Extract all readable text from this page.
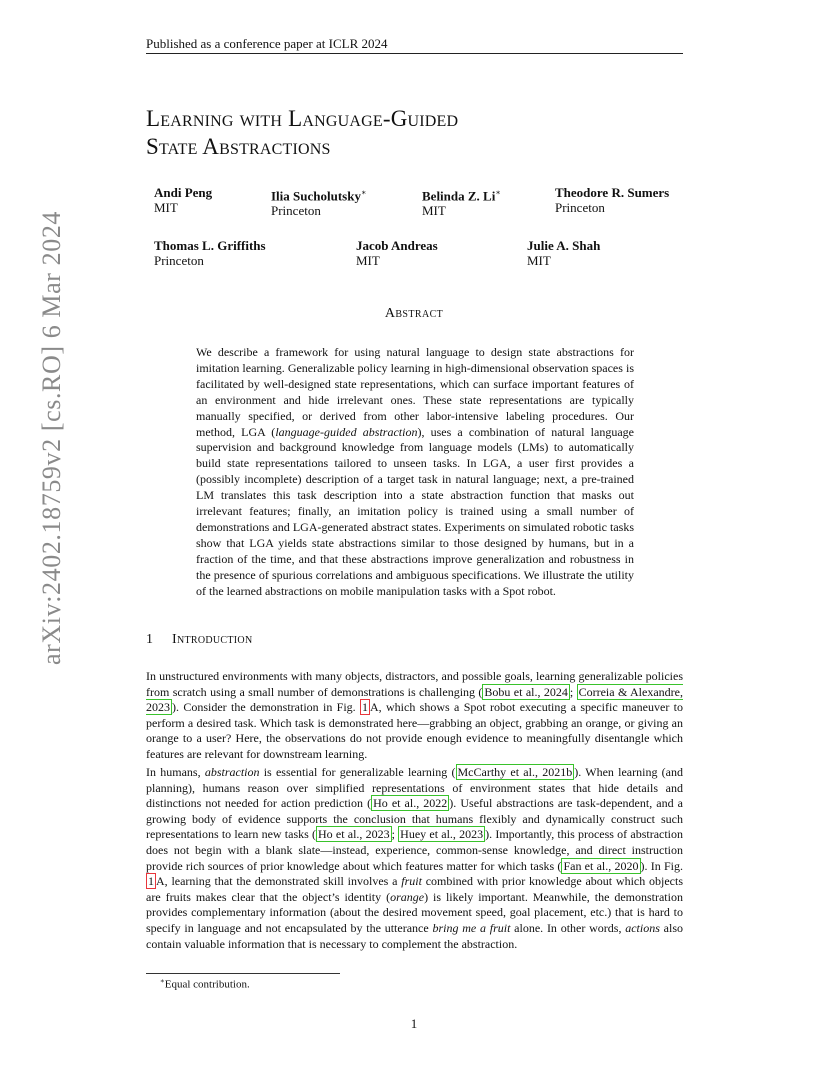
Published as a conference paper at ICLR 2024
arXiv:2402.18759v2 [cs.RO] 6 Mar 2024
Learning with Language-Guided
State Abstractions
Andi Peng
MIT
Ilia Sucholutsky∗
Princeton
Belinda Z. Li∗
MIT
Theodore R. Sumers
Princeton
Thomas L. Griffiths
Princeton
Jacob Andreas
MIT
Julie A. Shah
MIT
Abstract
We describe a framework for using natural language to design state abstractions for imitation learning. Generalizable policy learning in high-dimensional observation spaces is facilitated by well-designed state representations, which can surface important features of an environment and hide irrelevant ones. These state representations are typically manually specified, or derived from other labor-intensive labeling procedures. Our method, LGA (language-guided abstraction), uses a combination of natural language supervision and background knowledge from language models (LMs) to automatically build state representations tailored to unseen tasks. In LGA, a user first provides a (possibly incomplete) description of a target task in natural language; next, a pre-trained LM translates this task description into a state abstraction function that masks out irrelevant features; finally, an imitation policy is trained using a small number of demonstrations and LGA-generated abstract states. Experiments on simulated robotic tasks show that LGA yields state abstractions similar to those designed by humans, but in a fraction of the time, and that these abstractions improve generalization and robustness in the presence of spurious correlations and ambiguous specifications. We illustrate the utility of the learned abstractions on mobile manipulation tasks with a Spot robot.
1 Introduction
In unstructured environments with many objects, distractors, and possible goals, learning generalizable policies from scratch using a small number of demonstrations is challenging ( Bobu et al., 2024 ; Correia & Alexandre, 2023 ). Consider the demonstration in Fig. 1 A, which shows a Spot robot executing a specific maneuver to perform a desired task. Which task is demonstrated here—grabbing an object, grabbing an orange, or giving an orange to a user? Here, the observations do not provide enough evidence to meaningfully disentangle which features are relevant for downstream learning.
In humans, abstraction is essential for generalizable learning ( McCarthy et al., 2021b ). When learning (and planning), humans reason over simplified representations of environment states that hide details and distinctions not needed for action prediction ( Ho et al., 2022 ). Useful abstractions are task-dependent, and a growing body of evidence supports the conclusion that humans flexibly and dynamically construct such representations to learn new tasks ( Ho et al., 2023 ; Huey et al., 2023 ). Importantly, this process of abstraction does not begin with a blank slate—instead, experience, common-sense knowledge, and direct instruction provide rich sources of prior knowledge about which features matter for which tasks ( Fan et al., 2020 ). In Fig. 1 A, learning that the demonstrated skill involves a fruit combined with prior knowledge about which objects are fruits makes clear that the object’s identity (orange) is likely important. Meanwhile, the demonstration provides complementary information (about the desired movement speed, goal placement, etc.) that is hard to specify in language and not encapsulated by the utterance bring me a fruit alone. In other words, actions also contain valuable information that is necessary to complement the abstraction.
∗Equal contribution.
1
